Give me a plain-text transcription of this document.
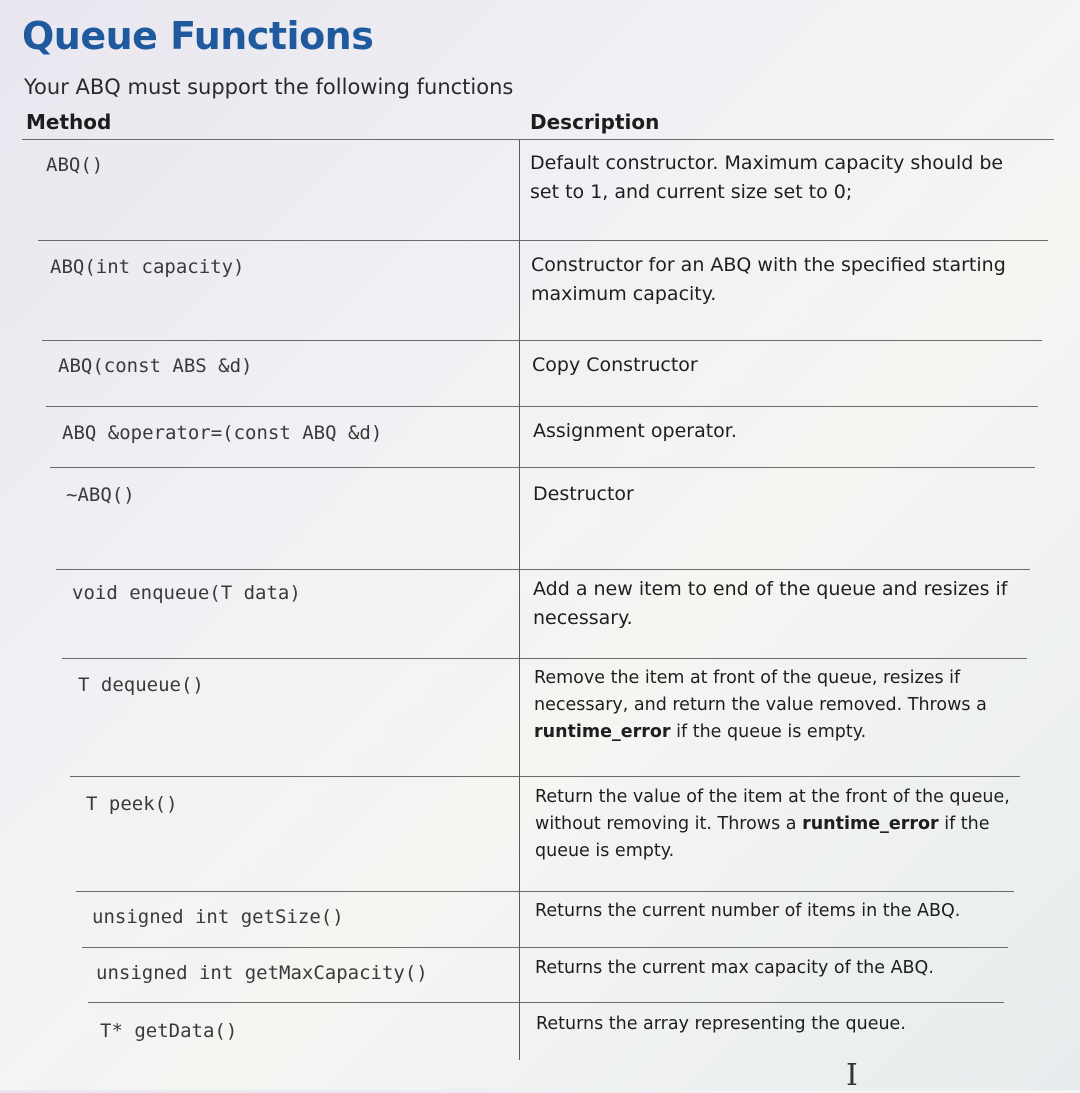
Queue Functions
Your ABQ must support the following functions
Method	Description
ABQ()	Default constructor. Maximum capacity should be set to 1, and current size set to 0;
ABQ(int capacity)	Constructor for an ABQ with the specified starting maximum capacity.
ABQ(const ABS &d)	Copy Constructor
ABQ &operator=(const ABQ &d)	Assignment operator.
~ABQ()	Destructor
void enqueue(T data)	Add a new item to end of the queue and resizes if necessary.
T dequeue()	Remove the item at front of the queue, resizes if necessary, and return the value removed. Throws a runtime_error if the queue is empty.
T peek()	Return the value of the item at the front of the queue, without removing it. Throws a runtime_error if the queue is empty.
unsigned int getSize()	Returns the current number of items in the ABQ.
unsigned int getMaxCapacity()	Returns the current max capacity of the ABQ.
T* getData()	Returns the array representing the queue.
I
